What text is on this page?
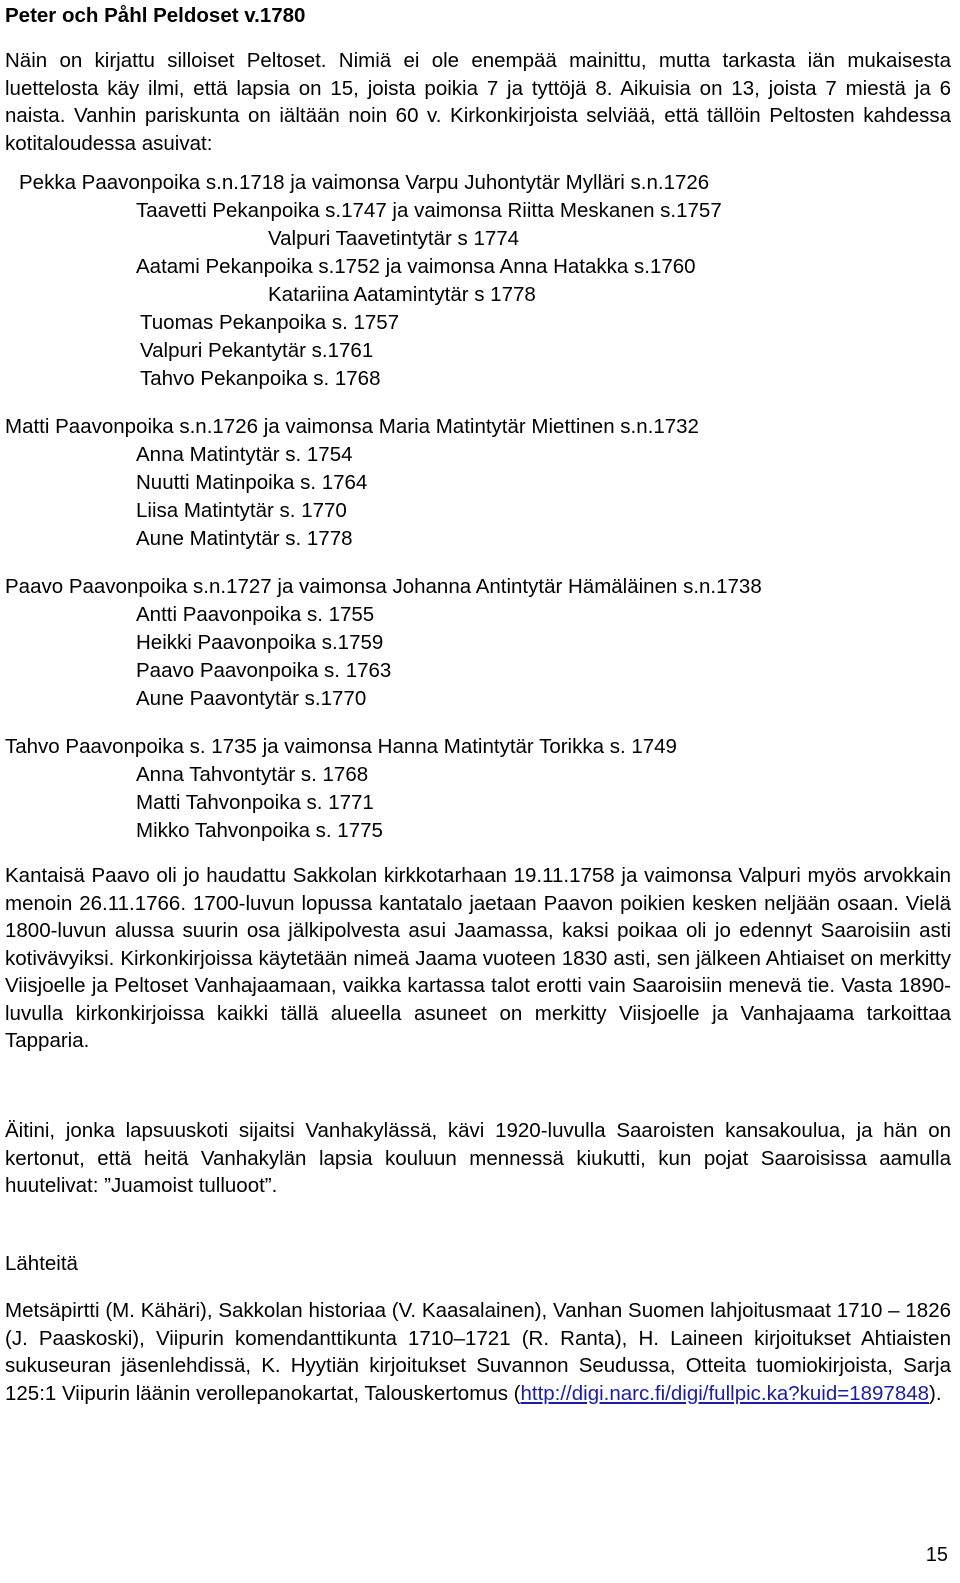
Peter och Påhl Peldoset v.1780
Näin on kirjattu silloiset Peltoset. Nimiä ei ole enempää mainittu, mutta tarkasta iän mukaisesta luettelosta käy ilmi, että lapsia on 15, joista poikia 7 ja tyttöjä 8. Aikuisia on 13, joista 7 miestä ja 6 naista. Vanhin pariskunta on iältään noin 60 v. Kirkonkirjoista selviää, että tällöin Peltosten kahdessa kotitaloudessa asuivat:
Pekka Paavonpoika s.n.1718 ja vaimonsa Varpu Juhontytär Mylläri s.n.1726
Taavetti Pekanpoika s.1747 ja vaimonsa Riitta Meskanen s.1757
Valpuri Taavetintytär s 1774
Aatami Pekanpoika s.1752 ja vaimonsa Anna Hatakka s.1760
Katariina Aatamintytär s 1778
Tuomas Pekanpoika s. 1757
Valpuri Pekantytär s.1761
Tahvo Pekanpoika s. 1768
Matti Paavonpoika s.n.1726 ja vaimonsa Maria Matintytär Miettinen s.n.1732
Anna Matintytär s. 1754
Nuutti Matinpoika s. 1764
Liisa Matintytär s. 1770
Aune Matintytär s. 1778
Paavo Paavonpoika s.n.1727 ja vaimonsa Johanna Antintytär Hämäläinen s.n.1738
Antti Paavonpoika s. 1755
Heikki Paavonpoika s.1759
Paavo Paavonpoika s. 1763
Aune Paavontytär s.1770
Tahvo Paavonpoika s. 1735 ja vaimonsa Hanna Matintytär Torikka s. 1749
Anna Tahvontytär s. 1768
Matti Tahvonpoika s. 1771
Mikko Tahvonpoika s. 1775
Kantaisä Paavo oli jo haudattu Sakkolan kirkkotarhaan 19.11.1758 ja vaimonsa Valpuri myös arvokkain menoin 26.11.1766. 1700-luvun lopussa kantatalo jaetaan Paavon poikien kesken neljään osaan. Vielä 1800-luvun alussa suurin osa jälkipolvesta asui Jaamassa, kaksi poikaa oli jo edennyt Saaroisiin asti kotivävyiksi. Kirkonkirjoissa käytetään nimeä Jaama vuoteen 1830 asti, sen jälkeen Ahtiaiset on merkitty Viisjoelle ja Peltoset Vanhajaamaan, vaikka kartassa talot erotti vain Saaroisiin menevä tie. Vasta 1890-luvulla kirkonkirjoissa kaikki tällä alueella asuneet on merkitty Viisjoelle ja Vanhajaama tarkoittaa Tapparia.
Äitini, jonka lapsuuskoti sijaitsi Vanhakylässä, kävi 1920-luvulla Saaroisten kansakoulua, ja hän on kertonut, että heitä Vanhakylän lapsia kouluun mennessä kiukutti, kun pojat Saaroisissa aamulla huutelivat: ”Juamoist tulluoot”.
Lähteitä
Metsäpirtti (M. Kähäri), Sakkolan historiaa (V. Kaasalainen), Vanhan Suomen lahjoitusmaat 1710 – 1826 (J. Paaskoski), Viipurin komendanttikunta 1710–1721 (R. Ranta), H. Laineen kirjoitukset Ahtiaisten sukuseuran jäsenlehdissä, K. Hyytiän kirjoitukset Suvannon Seudussa, Otteita tuomiokirjoista, Sarja 125:1 Viipurin läänin verollepanokartat, Talouskertomus (http://digi.narc.fi/digi/fullpic.ka?kuid=1897848).
15
